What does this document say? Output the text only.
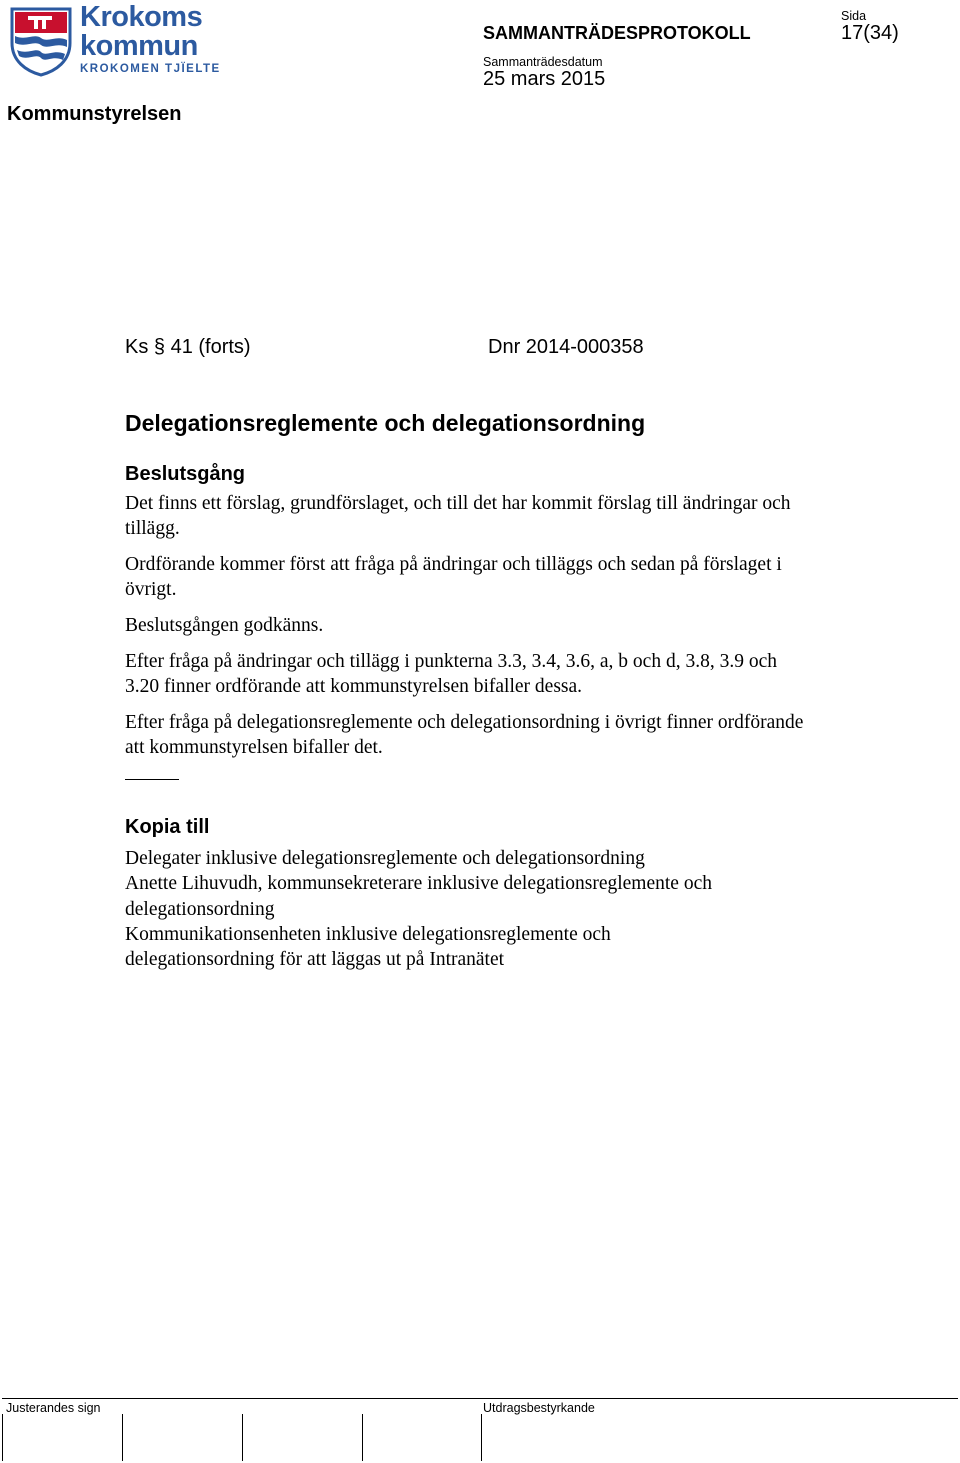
Krokoms
kommun
KROKOMEN TJÏELTE
SAMMANTRÄDESPROTOKOLL
Sammanträdesdatum
25 mars 2015
Sida
17(34)
Kommunstyrelsen
Ks § 41 (forts)	Dnr 2014-000358
Delegationsreglemente och delegationsordning
Beslutsgång
Det finns ett förslag, grundförslaget, och till det har kommit förslag till ändringar och tillägg.
Ordförande kommer först att fråga på ändringar och tilläggs och sedan på förslaget i övrigt.
Beslutsgången godkänns.
Efter fråga på ändringar och tillägg i punkterna 3.3, 3.4, 3.6, a, b och d, 3.8, 3.9 och 3.20 finner ordförande att kommunstyrelsen bifaller dessa.
Efter fråga på delegationsreglemente och delegationsordning i övrigt finner ordförande att kommunstyrelsen bifaller det.
Kopia till
Delegater inklusive delegationsreglemente och delegationsordning
Anette Lihuvudh, kommunsekreterare inklusive delegationsreglemente och
delegationsordning
Kommunikationsenheten inklusive delegationsreglemente och
delegationsordning för att läggas ut på Intranätet
Justerandes sign	Utdragsbestyrkande
